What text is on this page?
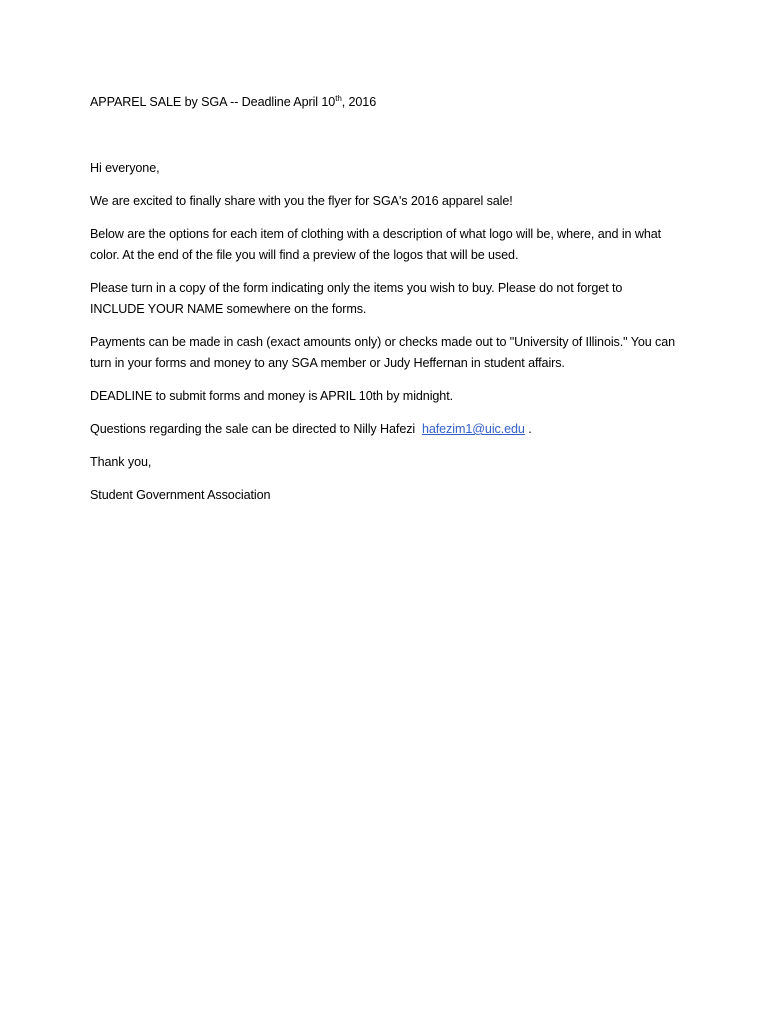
APPAREL SALE by SGA -- Deadline April 10th, 2016

Hi everyone,

We are excited to finally share with you the flyer for SGA's 2016 apparel sale!

Below are the options for each item of clothing with a description of what logo will be, where, and in what color. At the end of the file you will find a preview of the logos that will be used.

Please turn in a copy of the form indicating only the items you wish to buy. Please do not forget to INCLUDE YOUR NAME somewhere on the forms.

Payments can be made in cash (exact amounts only) or checks made out to "University of Illinois." You can turn in your forms and money to any SGA member or Judy Heffernan in student affairs.

DEADLINE to submit forms and money is APRIL 10th by midnight.

Questions regarding the sale can be directed to Nilly Hafezi hafezim1@uic.edu .

Thank you,

Student Government Association
